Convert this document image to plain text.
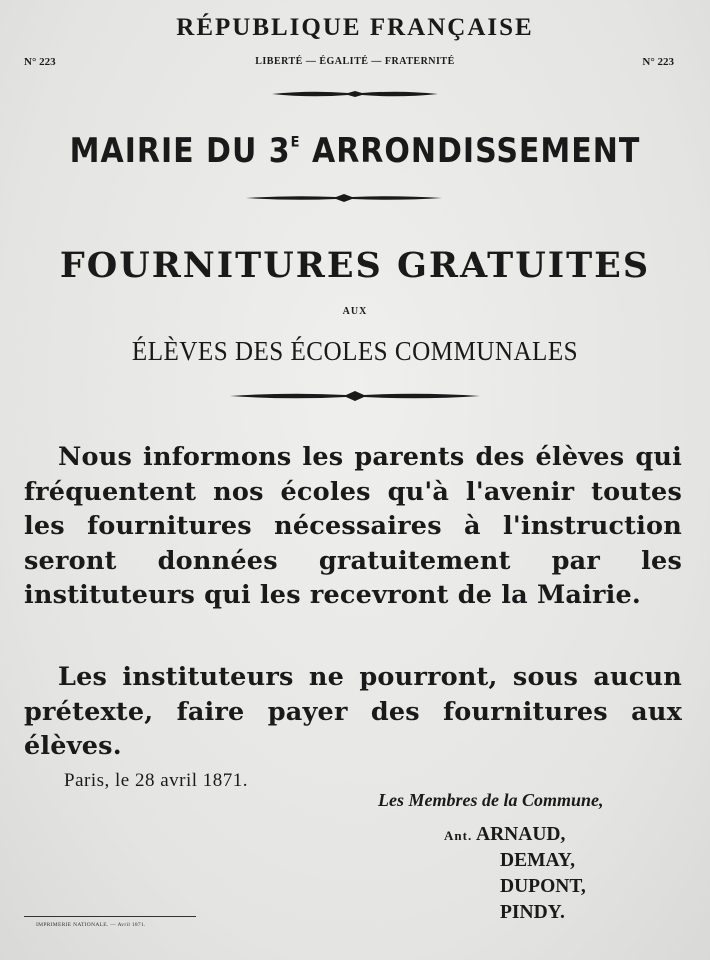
RÉPUBLIQUE FRANÇAISE
N° 223	LIBERTÉ — ÉGALITÉ — FRATERNITÉ	N° 223
MAIRIE DU $3^E$ ARRONDISSEMENT
FOURNITURES GRATUITES
AUX
ÉLÈVES DES ÉCOLES COMMUNALES
Nous informons les parents des élèves qui fréquentent nos écoles qu'à l'avenir toutes les fournitures nécessaires à l'instruction seront données gratuitement par les instituteurs qui les recevront de la Mairie.
Les instituteurs ne pourront, sous aucun prétexte, faire payer des fournitures aux élèves.
Paris, le 28 avril 1871.
Les Membres de la Commune,
Ant. ARNAUD,
DEMAY,
DUPONT,
PINDY.
IMPRIMERIE NATIONALE. — Avril 1871.
